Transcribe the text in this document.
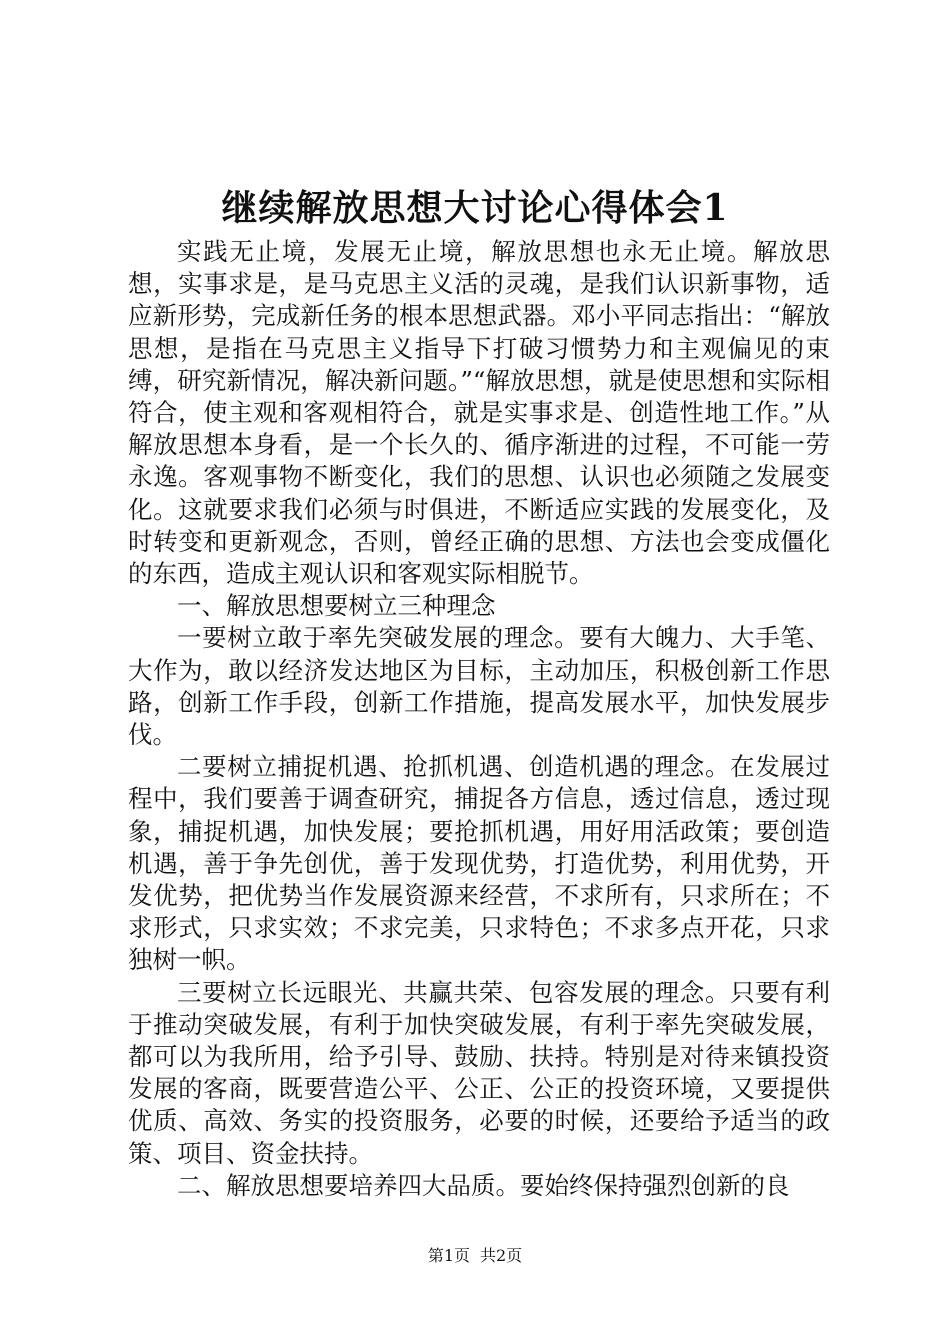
继续解放思想大讨论心得体会1

实践无止境，发展无止境，解放思想也永无止境。解放思想，实事求是，是马克思主义活的灵魂，是我们认识新事物，适应新形势，完成新任务的根本思想武器。邓小平同志指出：“解放思想，是指在马克思主义指导下打破习惯势力和主观偏见的束缚，研究新情况，解决新问题。”“解放思想，就是使思想和实际相符合，使主观和客观相符合，就是实事求是、创造性地工作。”从解放思想本身看，是一个长久的、循序渐进的过程，不可能一劳永逸。客观事物不断变化，我们的思想、认识也必须随之发展变化。这就要求我们必须与时俱进，不断适应实践的发展变化，及时转变和更新观念，否则，曾经正确的思想、方法也会变成僵化的东西，造成主观认识和客观实际相脱节。

一、解放思想要树立三种理念

一要树立敢于率先突破发展的理念。要有大魄力、大手笔、大作为，敢以经济发达地区为目标，主动加压，积极创新工作思路，创新工作手段，创新工作措施，提高发展水平，加快发展步伐。

二要树立捕捉机遇、抢抓机遇、创造机遇的理念。在发展过程中，我们要善于调查研究，捕捉各方信息，透过信息，透过现象，捕捉机遇，加快发展；要抢抓机遇，用好用活政策；要创造机遇，善于争先创优，善于发现优势，打造优势，利用优势，开发优势，把优势当作发展资源来经营，不求所有，只求所在；不求形式，只求实效；不求完美，只求特色；不求多点开花，只求独树一帜。

三要树立长远眼光、共赢共荣、包容发展的理念。只要有利于推动突破发展，有利于加快突破发展，有利于率先突破发展，都可以为我所用，给予引导、鼓励、扶持。特别是对待来镇投资发展的客商，既要营造公平、公正、公正的投资环境，又要提供优质、高效、务实的投资服务，必要的时候，还要给予适当的政策、项目、资金扶持。

二、解放思想要培养四大品质。要始终保持强烈创新的良

第1页 共2页
